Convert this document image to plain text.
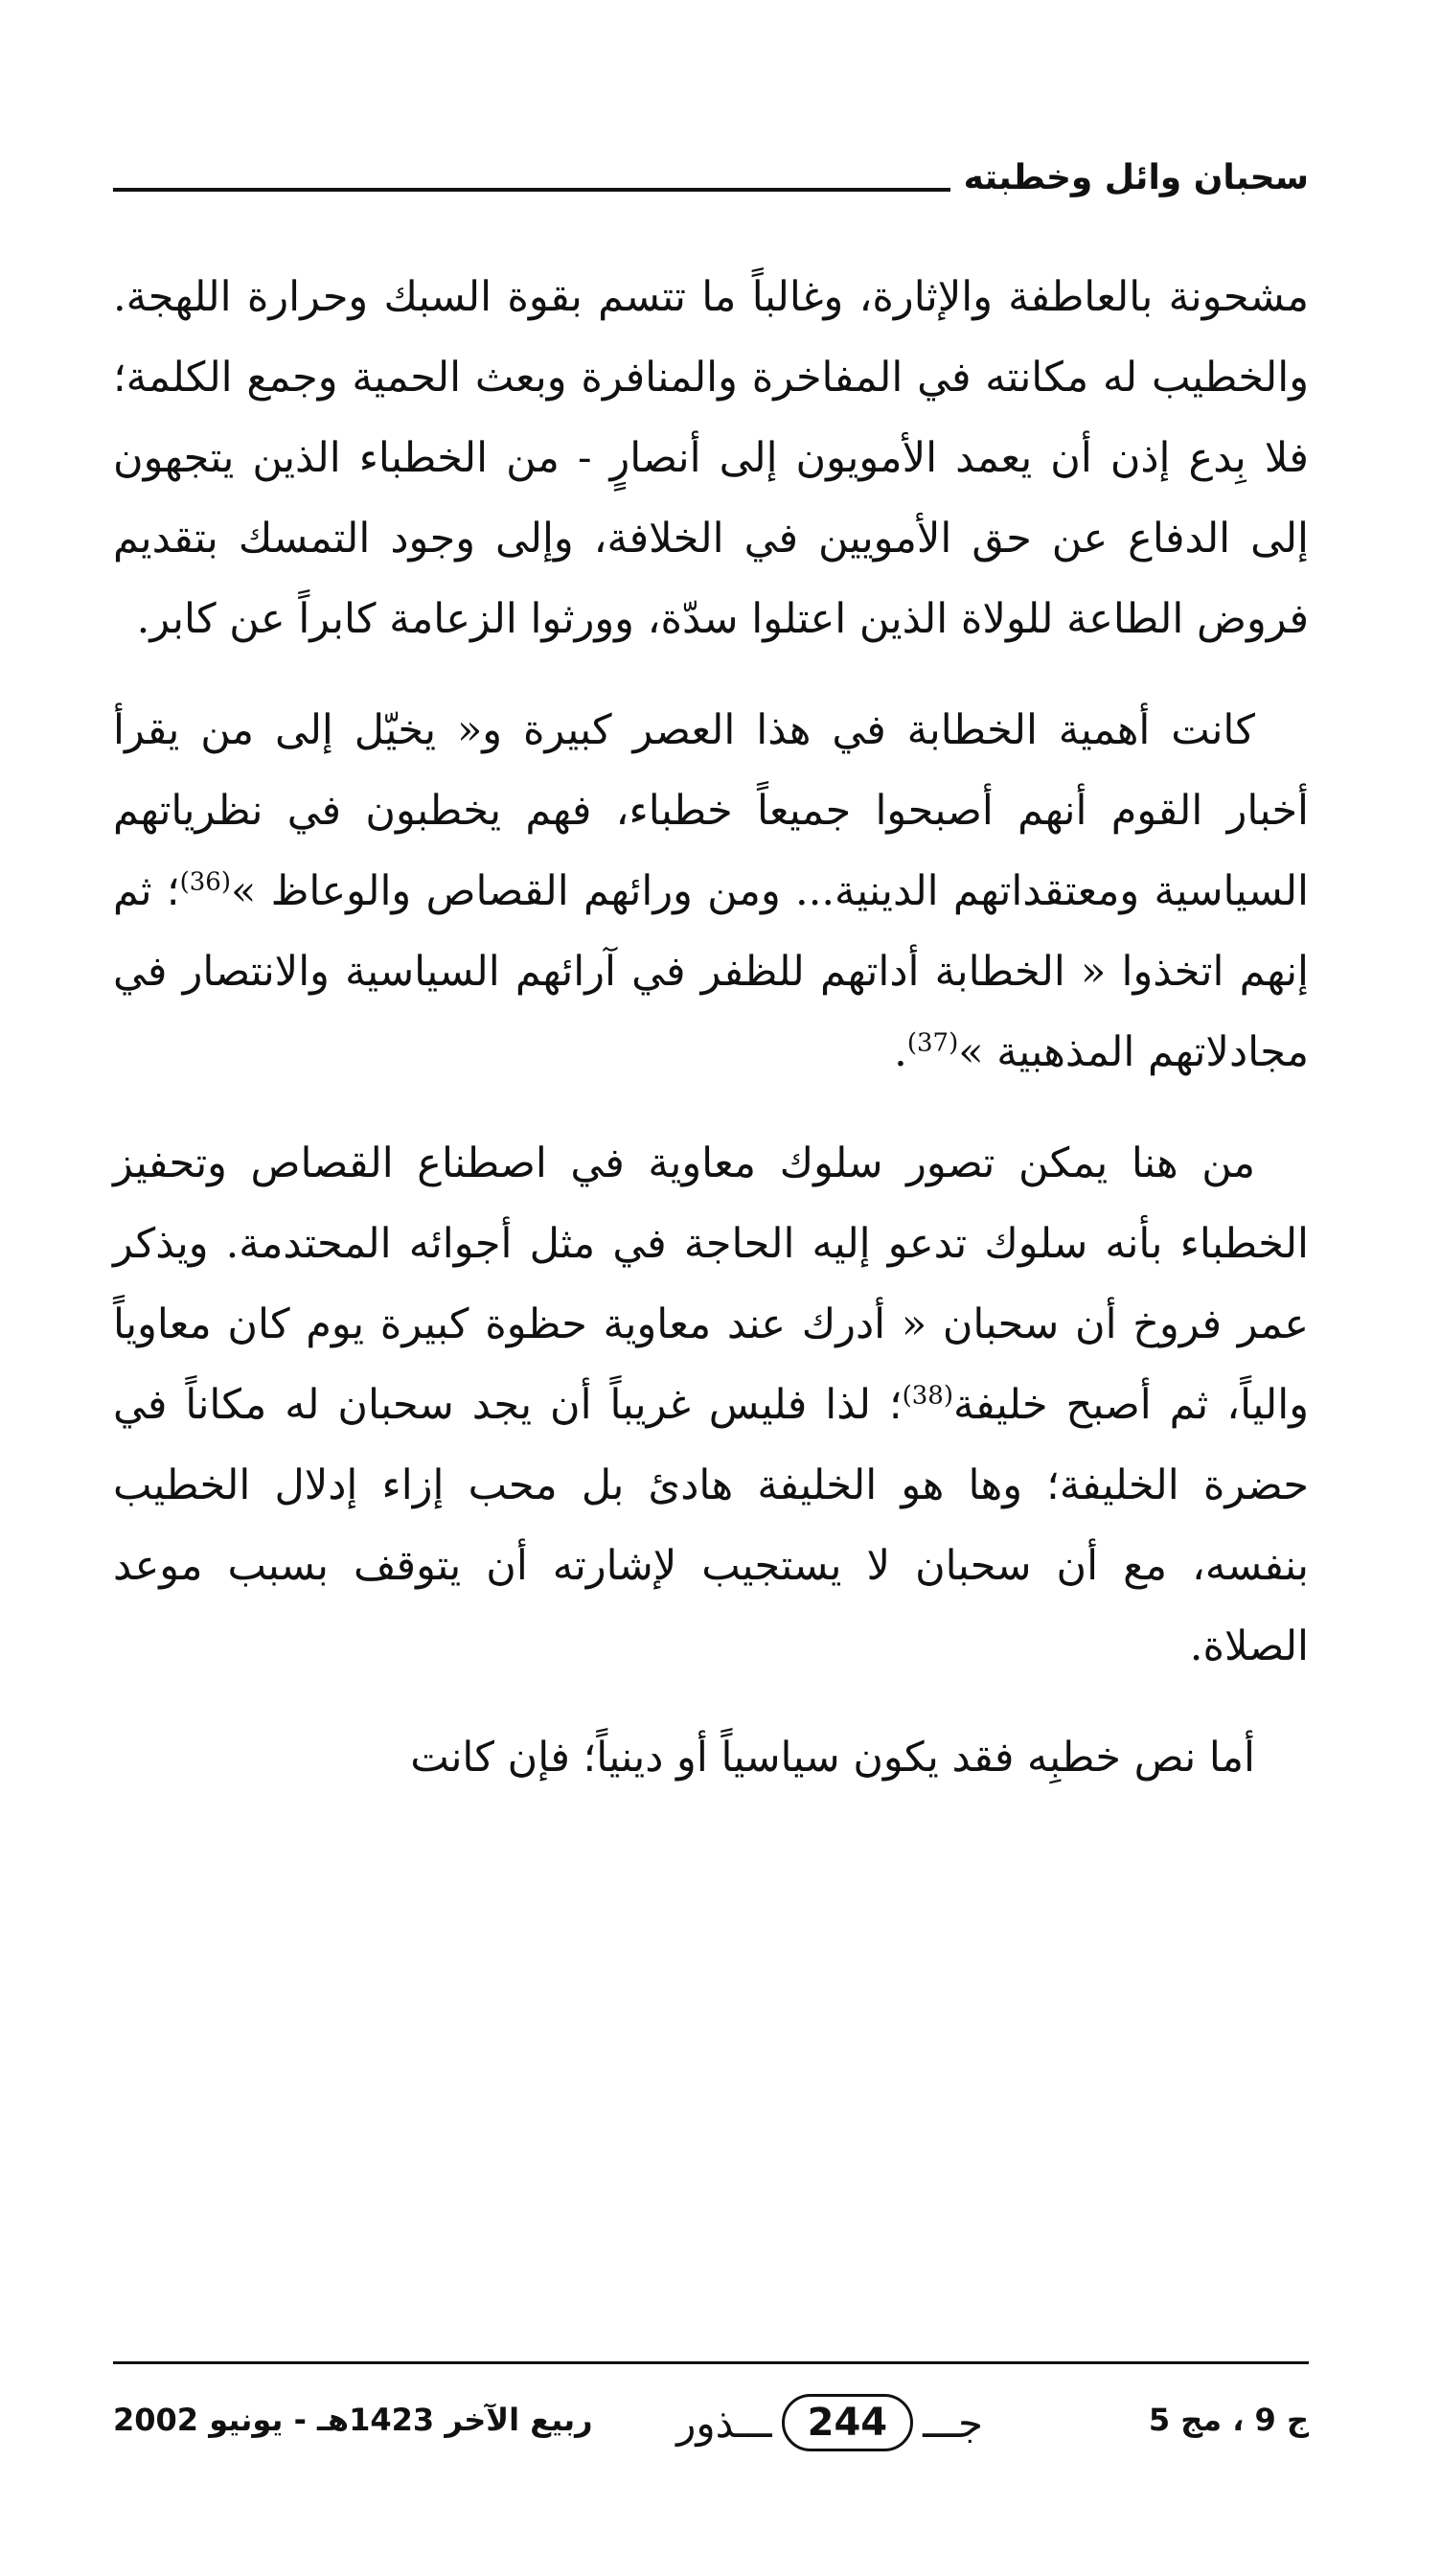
سحبان وائل وخطبته

مشحونة بالعاطفة والإثارة، وغالباً ما تتسم بقوة السبك وحرارة اللهجة. والخطيب له مكانته في المفاخرة والمنافرة وبعث الحمية وجمع الكلمة؛ فلا بِدع إذن أن يعمد الأمويون إلى أنصارٍ - من الخطباء الذين يتجهون إلى الدفاع عن حق الأمويين في الخلافة، وإلى وجود التمسك بتقديم فروض الطاعة للولاة الذين اعتلوا سدّة، وورثوا الزعامة كابراً عن كابر.

كانت أهمية الخطابة في هذا العصر كبيرة و« يخيّل إلى من يقرأ أخبار القوم أنهم أصبحوا جميعاً خطباء، فهم يخطبون في نظرياتهم السياسية ومعتقداتهم الدينية... ومن ورائهم القصاص والوعاظ »$^{(36)}$؛ ثم إنهم اتخذوا « الخطابة أداتهم للظفر في آرائهم السياسية والانتصار في مجادلاتهم المذهبية »$^{(37)}$.

من هنا يمكن تصور سلوك معاوية في اصطناع القصاص وتحفيز الخطباء بأنه سلوك تدعو إليه الحاجة في مثل أجوائه المحتدمة. ويذكر عمر فروخ أن سحبان « أدرك عند معاوية حظوة كبيرة يوم كان معاوياً والياً، ثم أصبح خليفة$^{(38)}$؛ لذا فليس غريباً أن يجد سحبان له مكاناً في حضرة الخليفة؛ وها هو الخليفة هادئ بل محب إزاء إدلال الخطيب بنفسه، مع أن سحبان لا يستجيب لإشارته أن يتوقف بسبب موعد الصلاة.

أما نص خطبِه فقد يكون سياسياً أو دينياً؛ فإن كانت

ج 9 ، مج 5
جـــ
244
ـــذور
ربيع الآخر 1423هـ - يونيو 2002
